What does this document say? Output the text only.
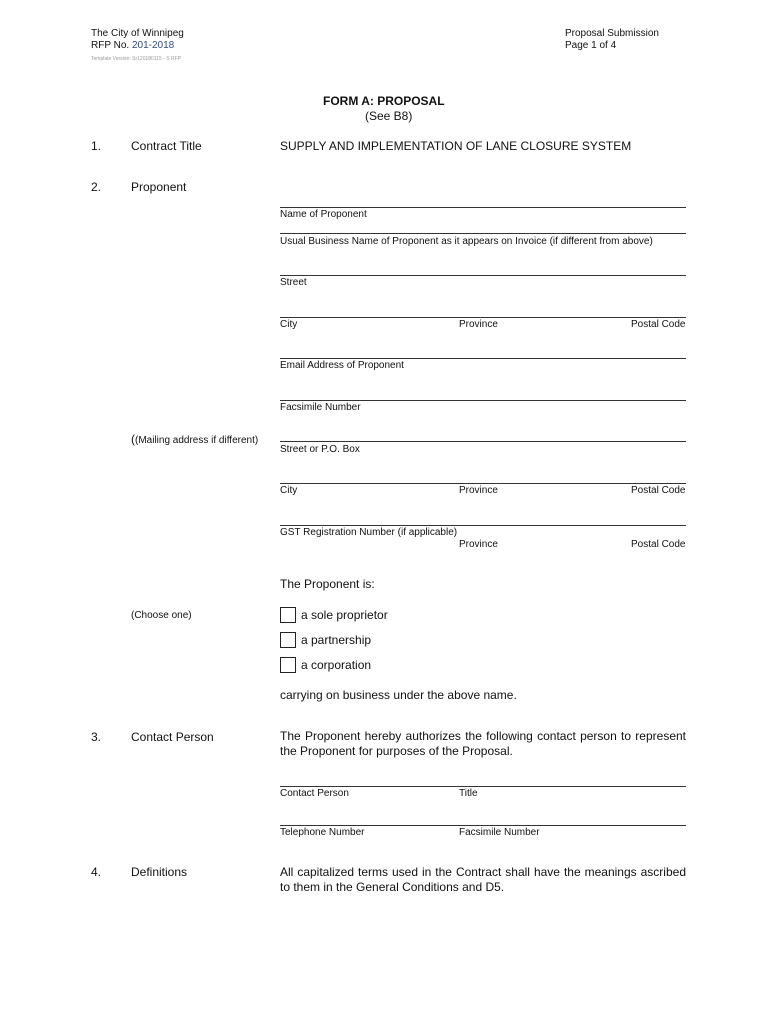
The City of Winnipeg
RFP No. 201-2018
Template Version: Sr120180115 - S RFP
Proposal Submission
Page 1 of 4
FORM A: PROPOSAL
(See B8)
1. Contract Title	SUPPLY AND IMPLEMENTATION OF LANE CLOSURE SYSTEM
2. Proponent
Name of Proponent
Usual Business Name of Proponent as it appears on Invoice (if different from above)
Street
City	Province	Postal Code
Email Address of Proponent
Facsimile Number
((Mailing address if different)
Street or P.O. Box
City	Province	Postal Code
GST Registration Number (if applicable)
Province	Postal Code
The Proponent is:
(Choose one)	a sole proprietor
a partnership
a corporation
carrying on business under the above name.
3. Contact Person	The Proponent hereby authorizes the following contact person to represent the Proponent for purposes of the Proposal.
Contact Person	Title
Telephone Number	Facsimile Number
4. Definitions	All capitalized terms used in the Contract shall have the meanings ascribed to them in the General Conditions and D5.
